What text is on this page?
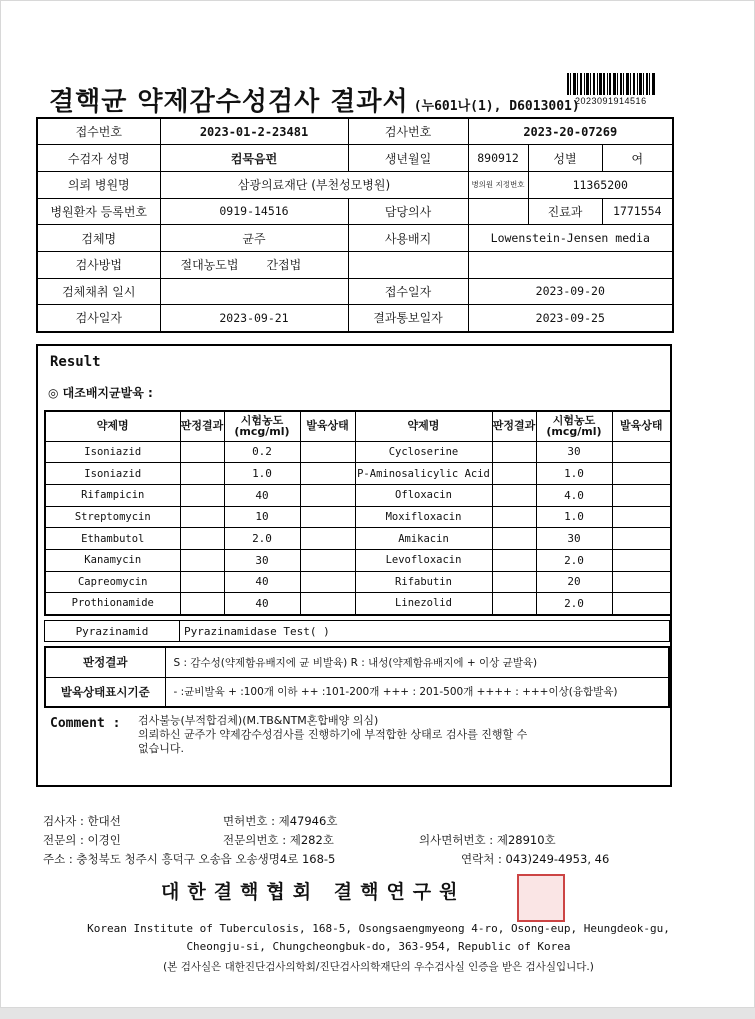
결핵균 약제감수성검사 결과서 (누601나(1), D6013001)
2023091914516
접수번호	2023-01-2-23481	검사번호	2023-20-07269		
수검자 성명	컴묵음펀	생년월일	890912	성별	여
의뢰 병원명	삼광의료재단 (부천성모병원)		병의원 지정번호	11365200	
병원환자 등록번호	0919-14516	담당의사		진료과	1771554
검체명	균주	사용배지	Lowenstein-Jensen media		
검사방법	절대농도법 간접법				
검체채취 일시		접수일자	2023-09-20		
검사일자	2023-09-21	결과통보일자	2023-09-25		
Result
◎ 대조배지균발육 :
약제명	판정결과	시험농도(mcg/ml)	발육상태	약제명	판정결과	시험농도(mcg/ml)	발육상태
Isoniazid		0.2		Cycloserine		30	
Isoniazid		1.0		P-Aminosalicylic Acid		1.0	
Rifampicin		40		Ofloxacin		4.0	
Streptomycin		10		Moxifloxacin		1.0	
Ethambutol		2.0		Amikacin		30	
Kanamycin		30		Levofloxacin		2.0	
Capreomycin		40		Rifabutin		20	
Prothionamide		40		Linezolid		2.0	
Pyrazinamid	Pyrazinamidase Test( )
판정결과	S : 감수성(약제함유배지에 균 비발육) R : 내성(약제함유배지에 + 이상 균발육)
발육상태표시기준	- :균비발육 + :100개 이하 ++ :101-200개 +++ : 201-500개 ++++ : +++이상(융합발육)
Comment : 검사불능(부적합검체)(M.TB&NTM혼합배양 의심)
의뢰하신 균주가 약제감수성검사를 진행하기에 부적합한 상태로 검사를 진행할 수
없습니다.
검사자 : 한대선	면허번호 : 제47946호
전문의 : 이경인	전문의번호 : 제282호	의사면허번호 : 제28910호
주소 : 충청북도 청주시 흥덕구 오송읍 오송생명4로 168-5	연락처 : 043)249-4953, 46
대한결핵협회 결핵연구원
Korean Institute of Tuberculosis, 168-5, Osongsaengmyeong 4-ro, Osong-eup, Heungdeok-gu,
Cheongju-si, Chungcheongbuk-do, 363-954, Republic of Korea
(본 검사실은 대한진단검사의학회/진단검사의학재단의 우수검사실 인증을 받은 검사실입니다.)
